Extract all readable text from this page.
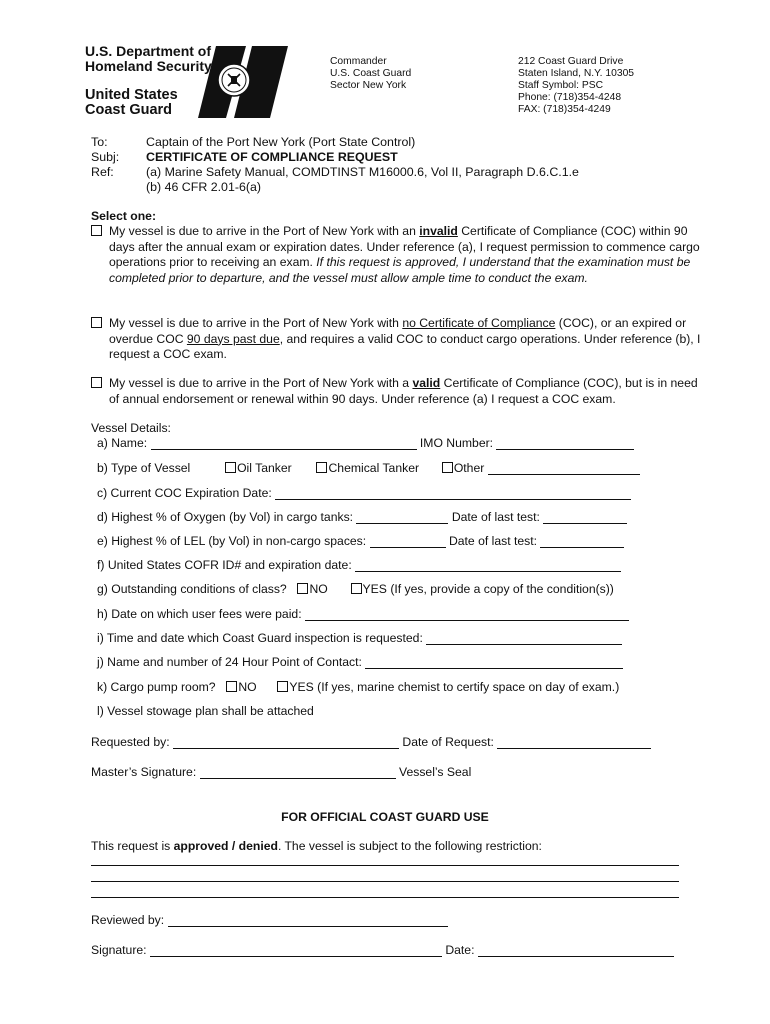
U.S. Department of
Homeland Security
United States
Coast Guard
Commander
U.S. Coast Guard
Sector New York
212 Coast Guard Drive
Staten Island, N.Y. 10305
Staff Symbol: PSC
Phone: (718)354-4248
FAX: (718)354-4249
To:	Captain of the Port New York (Port State Control)
Subj: CERTIFICATE OF COMPLIANCE REQUEST
Ref:	(a) Marine Safety Manual, COMDTINST M16000.6, Vol II, Paragraph D.6.C.1.e
(b) 46 CFR 2.01-6(a)
Select one:
My vessel is due to arrive in the Port of New York with an invalid Certificate of Compliance (COC) within 90 days after the annual exam or expiration dates. Under reference (a), I request permission to commence cargo operations prior to receiving an exam. If this request is approved, I understand that the examination must be completed prior to departure, and the vessel must allow ample time to conduct the exam.
My vessel is due to arrive in the Port of New York with no Certificate of Compliance (COC), or an expired or overdue COC 90 days past due, and requires a valid COC to conduct cargo operations. Under reference (b), I request a COC exam.
My vessel is due to arrive in the Port of New York with a valid Certificate of Compliance (COC), but is in need of annual endorsement or renewal within 90 days. Under reference (a) I request a COC exam.
Vessel Details:
a) Name:	IMO Number:
b) Type of Vessel	Oil Tanker	Chemical Tanker	Other
c) Current COC Expiration Date:
d) Highest % of Oxygen (by Vol) in cargo tanks:	Date of last test:
e) Highest % of LEL (by Vol) in non-cargo spaces:	Date of last test:
f) United States COFR ID# and expiration date:
g) Outstanding conditions of class? NO	YES (If yes, provide a copy of the condition(s))
h) Date on which user fees were paid:
i) Time and date which Coast Guard inspection is requested:
j) Name and number of 24 Hour Point of Contact:
k) Cargo pump room? NO	YES (If yes, marine chemist to certify space on day of exam.)
l) Vessel stowage plan shall be attached
Requested by:	Date of Request:
Master’s Signature:	Vessel’s Seal
FOR OFFICIAL COAST GUARD USE
This request is approved / denied. The vessel is subject to the following restriction:
Reviewed by:
Signature:	Date:
